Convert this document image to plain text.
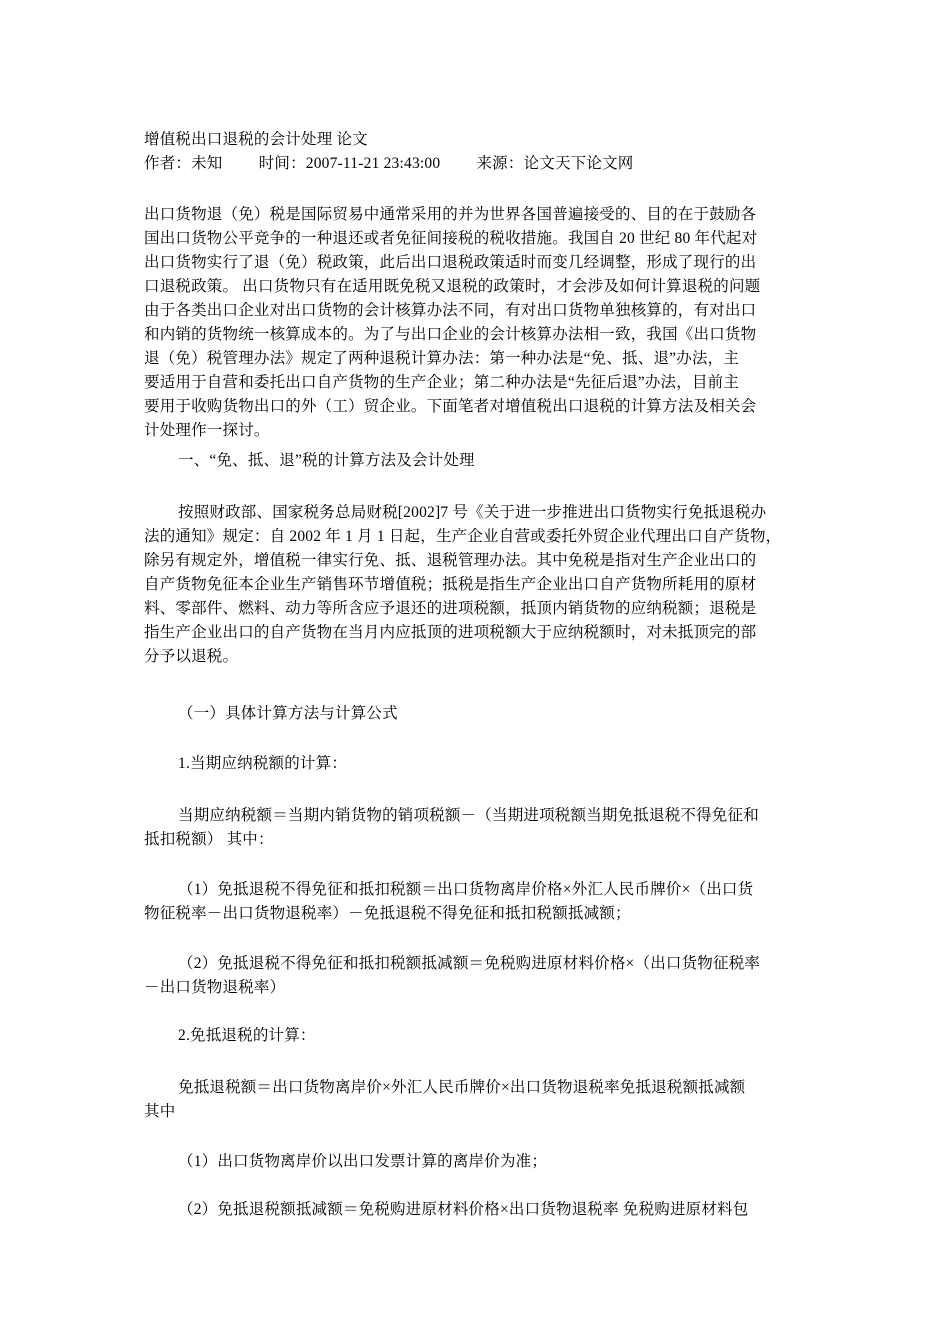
增值税出口退税的会计处理 论文
作者：未知 时间：2007-11-21 23:43:00 来源：论文天下论文网
出口货物退（免）税是国际贸易中通常采用的并为世界各国普遍接受的、目的在于鼓励各
国出口货物公平竞争的一种退还或者免征间接税的税收措施。我国自 20 世纪 80 年代起对
出口货物实行了退（免）税政策，此后出口退税政策适时而变几经调整，形成了现行的出
口退税政策。 出口货物只有在适用既免税又退税的政策时，才会涉及如何计算退税的问题
由于各类出口企业对出口货物的会计核算办法不同，有对出口货物单独核算的，有对出口
和内销的货物统一核算成本的。为了与出口企业的会计核算办法相一致，我国《出口货物
退（免）税管理办法》规定了两种退税计算办法：第一种办法是“免、抵、退”办法，主
要适用于自营和委托出口自产货物的生产企业；第二种办法是“先征后退”办法，目前主
要用于收购货物出口的外（工）贸企业。下面笔者对增值税出口退税的计算方法及相关会
计处理作一探讨。
一、“免、抵、退”税的计算方法及会计处理
按照财政部、国家税务总局财税[2002]7 号《关于进一步推进出口货物实行免抵退税办
法的通知》规定：自 2002 年 1 月 1 日起，生产企业自营或委托外贸企业代理出口自产货物，
除另有规定外，增值税一律实行免、抵、退税管理办法。其中免税是指对生产企业出口的
自产货物免征本企业生产销售环节增值税；抵税是指生产企业出口自产货物所耗用的原材
料、零部件、燃料、动力等所含应予退还的进项税额，抵顶内销货物的应纳税额；退税是
指生产企业出口的自产货物在当月内应抵顶的进项税额大于应纳税额时，对未抵顶完的部
分予以退税。
（一）具体计算方法与计算公式
1.当期应纳税额的计算：
当期应纳税额＝当期内销货物的销项税额－（当期进项税额当期免抵退税不得免征和
抵扣税额） 其中：
（1）免抵退税不得免征和抵扣税额＝出口货物离岸价格×外汇人民币牌价×（出口货
物征税率－出口货物退税率）－免抵退税不得免征和抵扣税额抵减额；
（2）免抵退税不得免征和抵扣税额抵减额＝免税购进原材料价格×（出口货物征税率
－出口货物退税率）
2.免抵退税的计算：
免抵退税额＝出口货物离岸价×外汇人民币牌价×出口货物退税率免抵退税额抵减额
其中
（1）出口货物离岸价以出口发票计算的离岸价为准；
（2）免抵退税额抵减额＝免税购进原材料价格×出口货物退税率 免税购进原材料包
